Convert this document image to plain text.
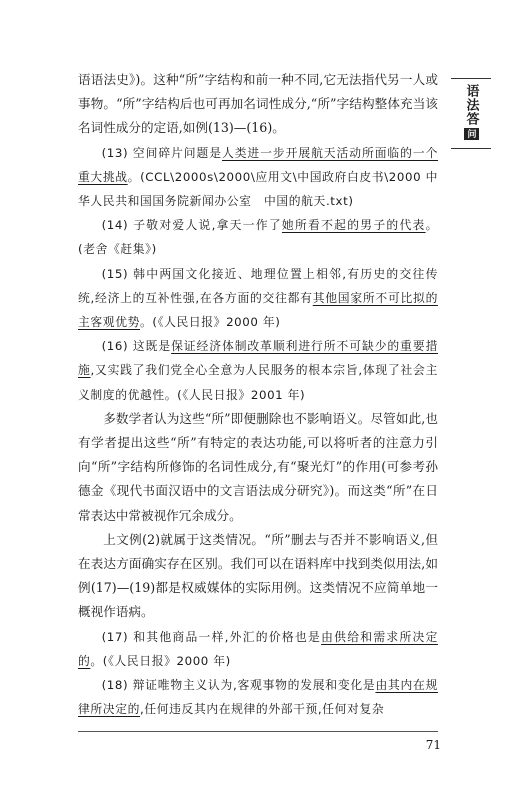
语法答
问

语语法史》)。这种“所”字结构和前一种不同,它无法指代另一人或事物。“所”字结构后也可再加名词性成分,“所”字结构整体充当该名词性成分的定语,如例(13)—(16)。

(13) 空间碎片问题是人类进一步开展航天活动所面临的一个重大挑战。(CCL\2000s\2000\应用文\中国政府白皮书\2000 中华人民共和国国务院新闻办公室　中国的航天.txt)

(14) 子敬对爱人说,拿天一作了她所看不起的男子的代表。(老舍《赶集》)

(15) 韩中两国文化接近、地理位置上相邻,有历史的交往传统,经济上的互补性强,在各方面的交往都有其他国家所不可比拟的主客观优势。(《人民日报》2000 年)

(16) 这既是保证经济体制改革顺利进行所不可缺少的重要措施,又实践了我们党全心全意为人民服务的根本宗旨,体现了社会主义制度的优越性。(《人民日报》2001 年)

多数学者认为这些“所”即便删除也不影响语义。尽管如此,也有学者提出这些“所”有特定的表达功能,可以将听者的注意力引向“所”字结构所修饰的名词性成分,有“聚光灯”的作用(可参考孙德金《现代书面汉语中的文言语法成分研究》)。而这类“所”在日常表达中常被视作冗余成分。

上文例(2)就属于这类情况。“所”删去与否并不影响语义,但在表达方面确实存在区别。我们可以在语料库中找到类似用法,如例(17)—(19)都是权威媒体的实际用例。这类情况不应简单地一概视作语病。

(17) 和其他商品一样,外汇的价格也是由供给和需求所决定的。(《人民日报》2000 年)

(18) 辩证唯物主义认为,客观事物的发展和变化是由其内在规律所决定的,任何违反其内在规律的外部干预,任何对复杂

71
